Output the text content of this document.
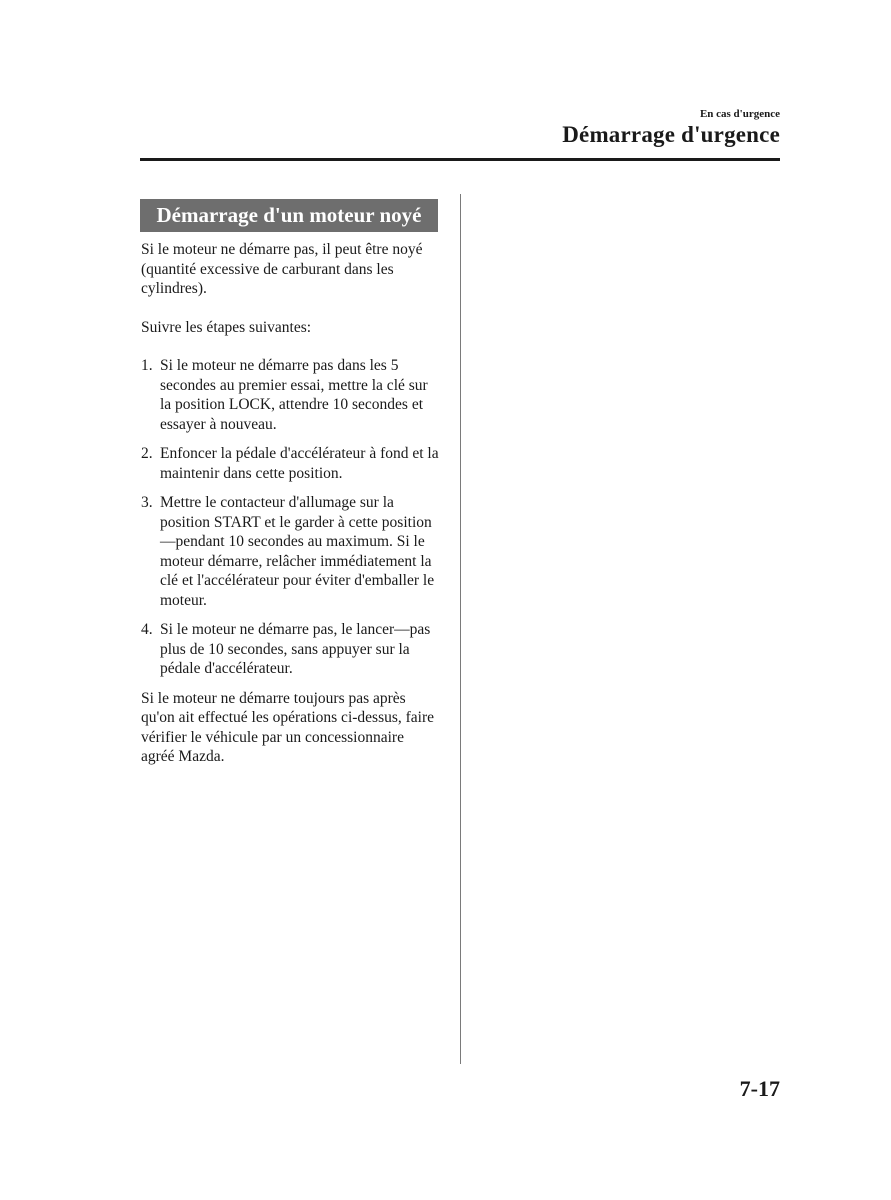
En cas d'urgence
Démarrage d'urgence
Démarrage d'un moteur noyé

Si le moteur ne démarre pas, il peut être noyé (quantité excessive de carburant dans les cylindres).

Suivre les étapes suivantes:

1. Si le moteur ne démarre pas dans les 5 secondes au premier essai, mettre la clé sur la position LOCK, attendre 10 secondes et essayer à nouveau.
2. Enfoncer la pédale d'accélérateur à fond et la maintenir dans cette position.
3. Mettre le contacteur d'allumage sur la position START et le garder à cette position—pendant 10 secondes au maximum. Si le moteur démarre, relâcher immédiatement la clé et l'accélérateur pour éviter d'emballer le moteur.
4. Si le moteur ne démarre pas, le lancer—pas plus de 10 secondes, sans appuyer sur la pédale d'accélérateur.

Si le moteur ne démarre toujours pas après qu'on ait effectué les opérations ci-dessus, faire vérifier le véhicule par un concessionnaire agréé Mazda.

7-17
